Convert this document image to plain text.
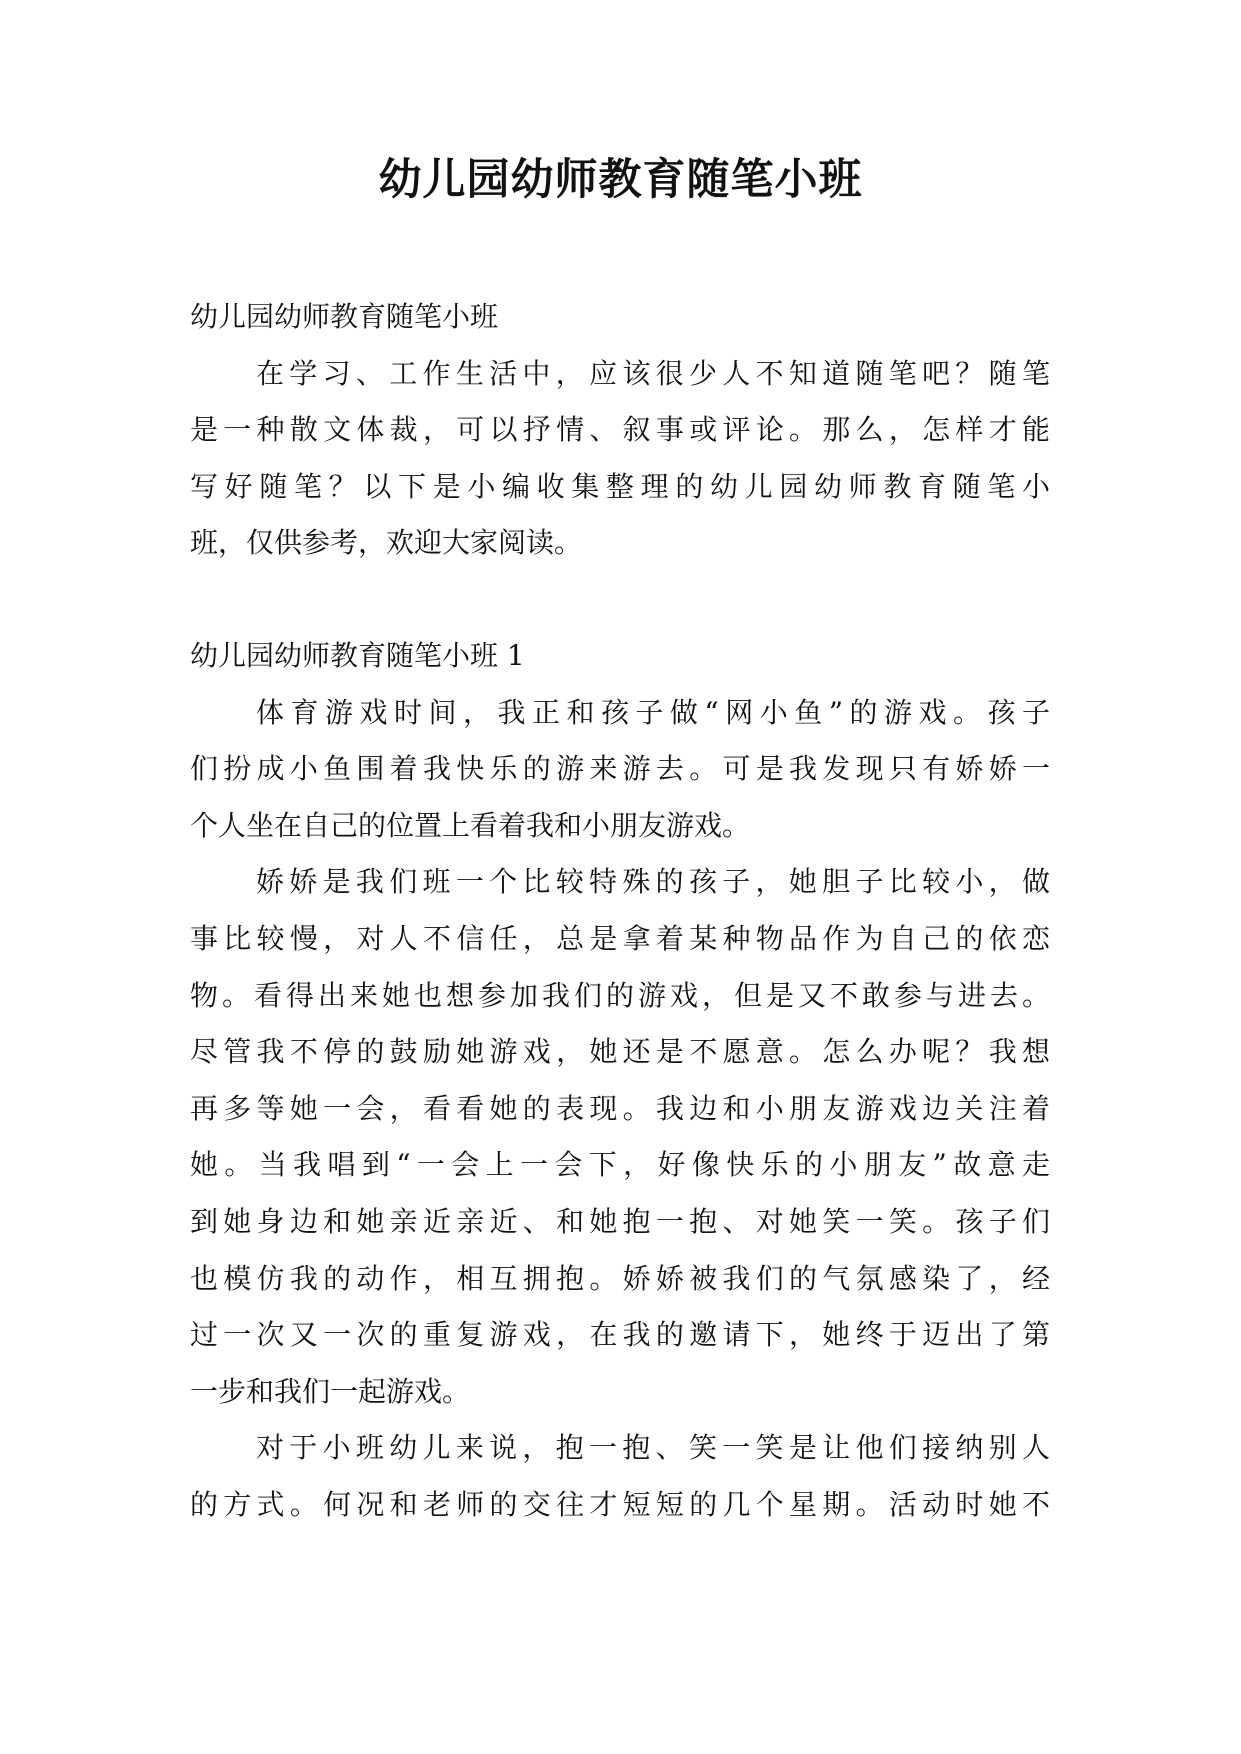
幼儿园幼师教育随笔小班

幼儿园幼师教育随笔小班

在学习、工作生活中，应该很少人不知道随笔吧？随笔

是一种散文体裁，可以抒情、叙事或评论。那么，怎样才能

写好随笔？以下是小编收集整理的幼儿园幼师教育随笔小

班，仅供参考，欢迎大家阅读。

幼儿园幼师教育随笔小班 1

体育游戏时间，我正和孩子做“网小鱼”的游戏。孩子

们扮成小鱼围着我快乐的游来游去。可是我发现只有娇娇一

个人坐在自己的位置上看着我和小朋友游戏。

娇娇是我们班一个比较特殊的孩子，她胆子比较小，做

事比较慢，对人不信任，总是拿着某种物品作为自己的依恋

物。看得出来她也想参加我们的游戏，但是又不敢参与进去。

尽管我不停的鼓励她游戏，她还是不愿意。怎么办呢？我想

再多等她一会，看看她的表现。我边和小朋友游戏边关注着

她。当我唱到“一会上一会下，好像快乐的小朋友”故意走

到她身边和她亲近亲近、和她抱一抱、对她笑一笑。孩子们

也模仿我的动作，相互拥抱。娇娇被我们的气氛感染了，经

过一次又一次的重复游戏，在我的邀请下，她终于迈出了第

一步和我们一起游戏。

对于小班幼儿来说，抱一抱、笑一笑是让他们接纳别人

的方式。何况和老师的交往才短短的几个星期。活动时她不
